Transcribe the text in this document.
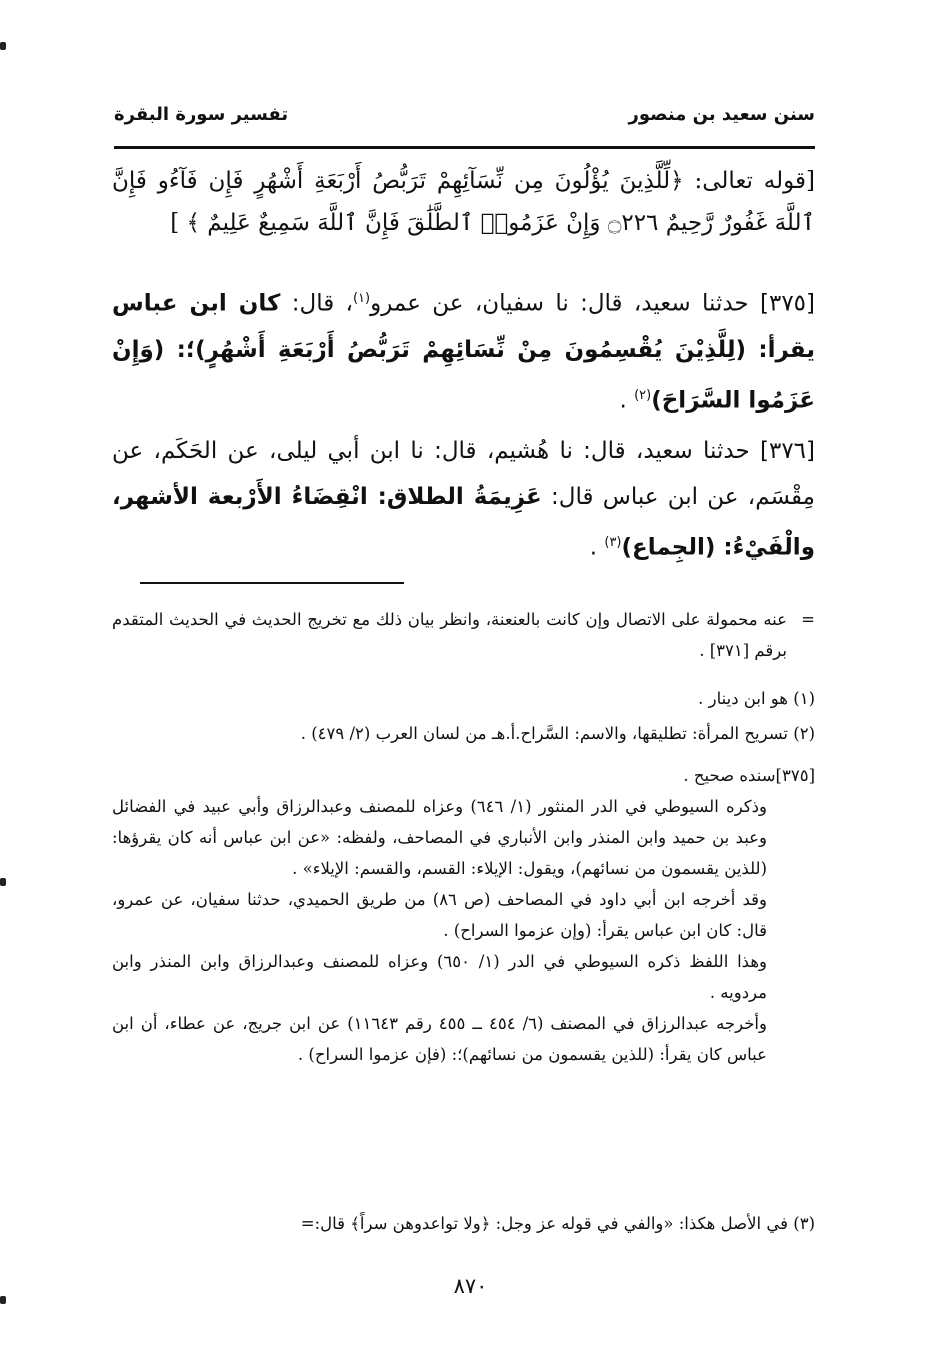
سنن سعيد بن منصور
تفسير سورة البقرة
[قوله تعالى: ﴿لِّلَّذِينَ يُؤْلُونَ مِن نِّسَآئِهِمْ تَرَبُّصُ أَرْبَعَةِ أَشْهُرٍ فَإِن فَآءُو فَإِنَّ ٱللَّهَ غَفُورٌ رَّحِيمٌ ۝٢٢٦ وَإِنْ عَزَمُوا۟ ٱلطَّلَٰقَ فَإِنَّ ٱللَّهَ سَمِيعٌ عَلِيمٌ ﴾ ]
[٣٧٥] حدثنا سعيد، قال: نا سفيان، عن عمرو$^{(١)}$، قال: كان ابن عباس يقرأ: (لِلَّذِيْنَ يُقْسِمُونَ مِنْ نِّسَائِهِمْ تَرَبُّصُ أَرْبَعَةِ أَشْهُرٍ)؛: (وَإِنْ عَزَمُوا السَّرَاحَ)$^{(٢)}$ .
[٣٧٦] حدثنا سعيد، قال: نا هُشيم، قال: نا ابن أبي ليلى، عن الحَكَم، عن مِقْسَم، عن ابن عباس قال: عَزِيمَةُ الطلاق: انْقِضَاءُ الأَرْبعة الأشهر، والْفَيْءُ: (الجِماع)$^{(٣)}$ .
=
عنه محمولة على الاتصال وإن كانت بالعنعنة، وانظر بيان ذلك مع تخريج الحديث في الحديث المتقدم برقم [٣٧١] .
(١) هو ابن دينار .
(٢) تسريح المرأة: تطليقها، والاسم: السَّراح.أ.هـ من لسان العرب (٢/ ٤٧٩) .
[٣٧٥]سنده صحيح .
وذكره السيوطي في الدر المنثور (١/ ٦٤٦) وعزاه للمصنف وعبدالرزاق وأبي عبيد في الفضائل وعبد بن حميد وابن المنذر وابن الأنباري في المصاحف، ولفظه: «عن ابن عباس أنه كان يقرؤها: (للذين يقسمون من نسائهم)، ويقول: الإيلاء: القسم، والقسم: الإيلاء» .
وقد أخرجه ابن أبي داود في المصاحف (ص ٨٦) من طريق الحميدي، حدثنا سفيان، عن عمرو، قال: كان ابن عباس يقرأ: (وإن عزموا السراح) .
وهذا اللفظ ذكره السيوطي في الدر (١/ ٦٥٠) وعزاه للمصنف وعبدالرزاق وابن المنذر وابن مردويه .
وأخرجه عبدالرزاق في المصنف (٦/ ٤٥٤ ــ ٤٥٥ رقم ١١٦٤٣) عن ابن جريج، عن عطاء، أن ابن عباس كان يقرأ: (للذين يقسمون من نسائهم)؛: (فإن عزموا السراح) .
(٣) في الأصل هكذا: «والفي في قوله عز وجل: ﴿ولا تواعدوهن سراً﴾ قال:=
٨٧٠
